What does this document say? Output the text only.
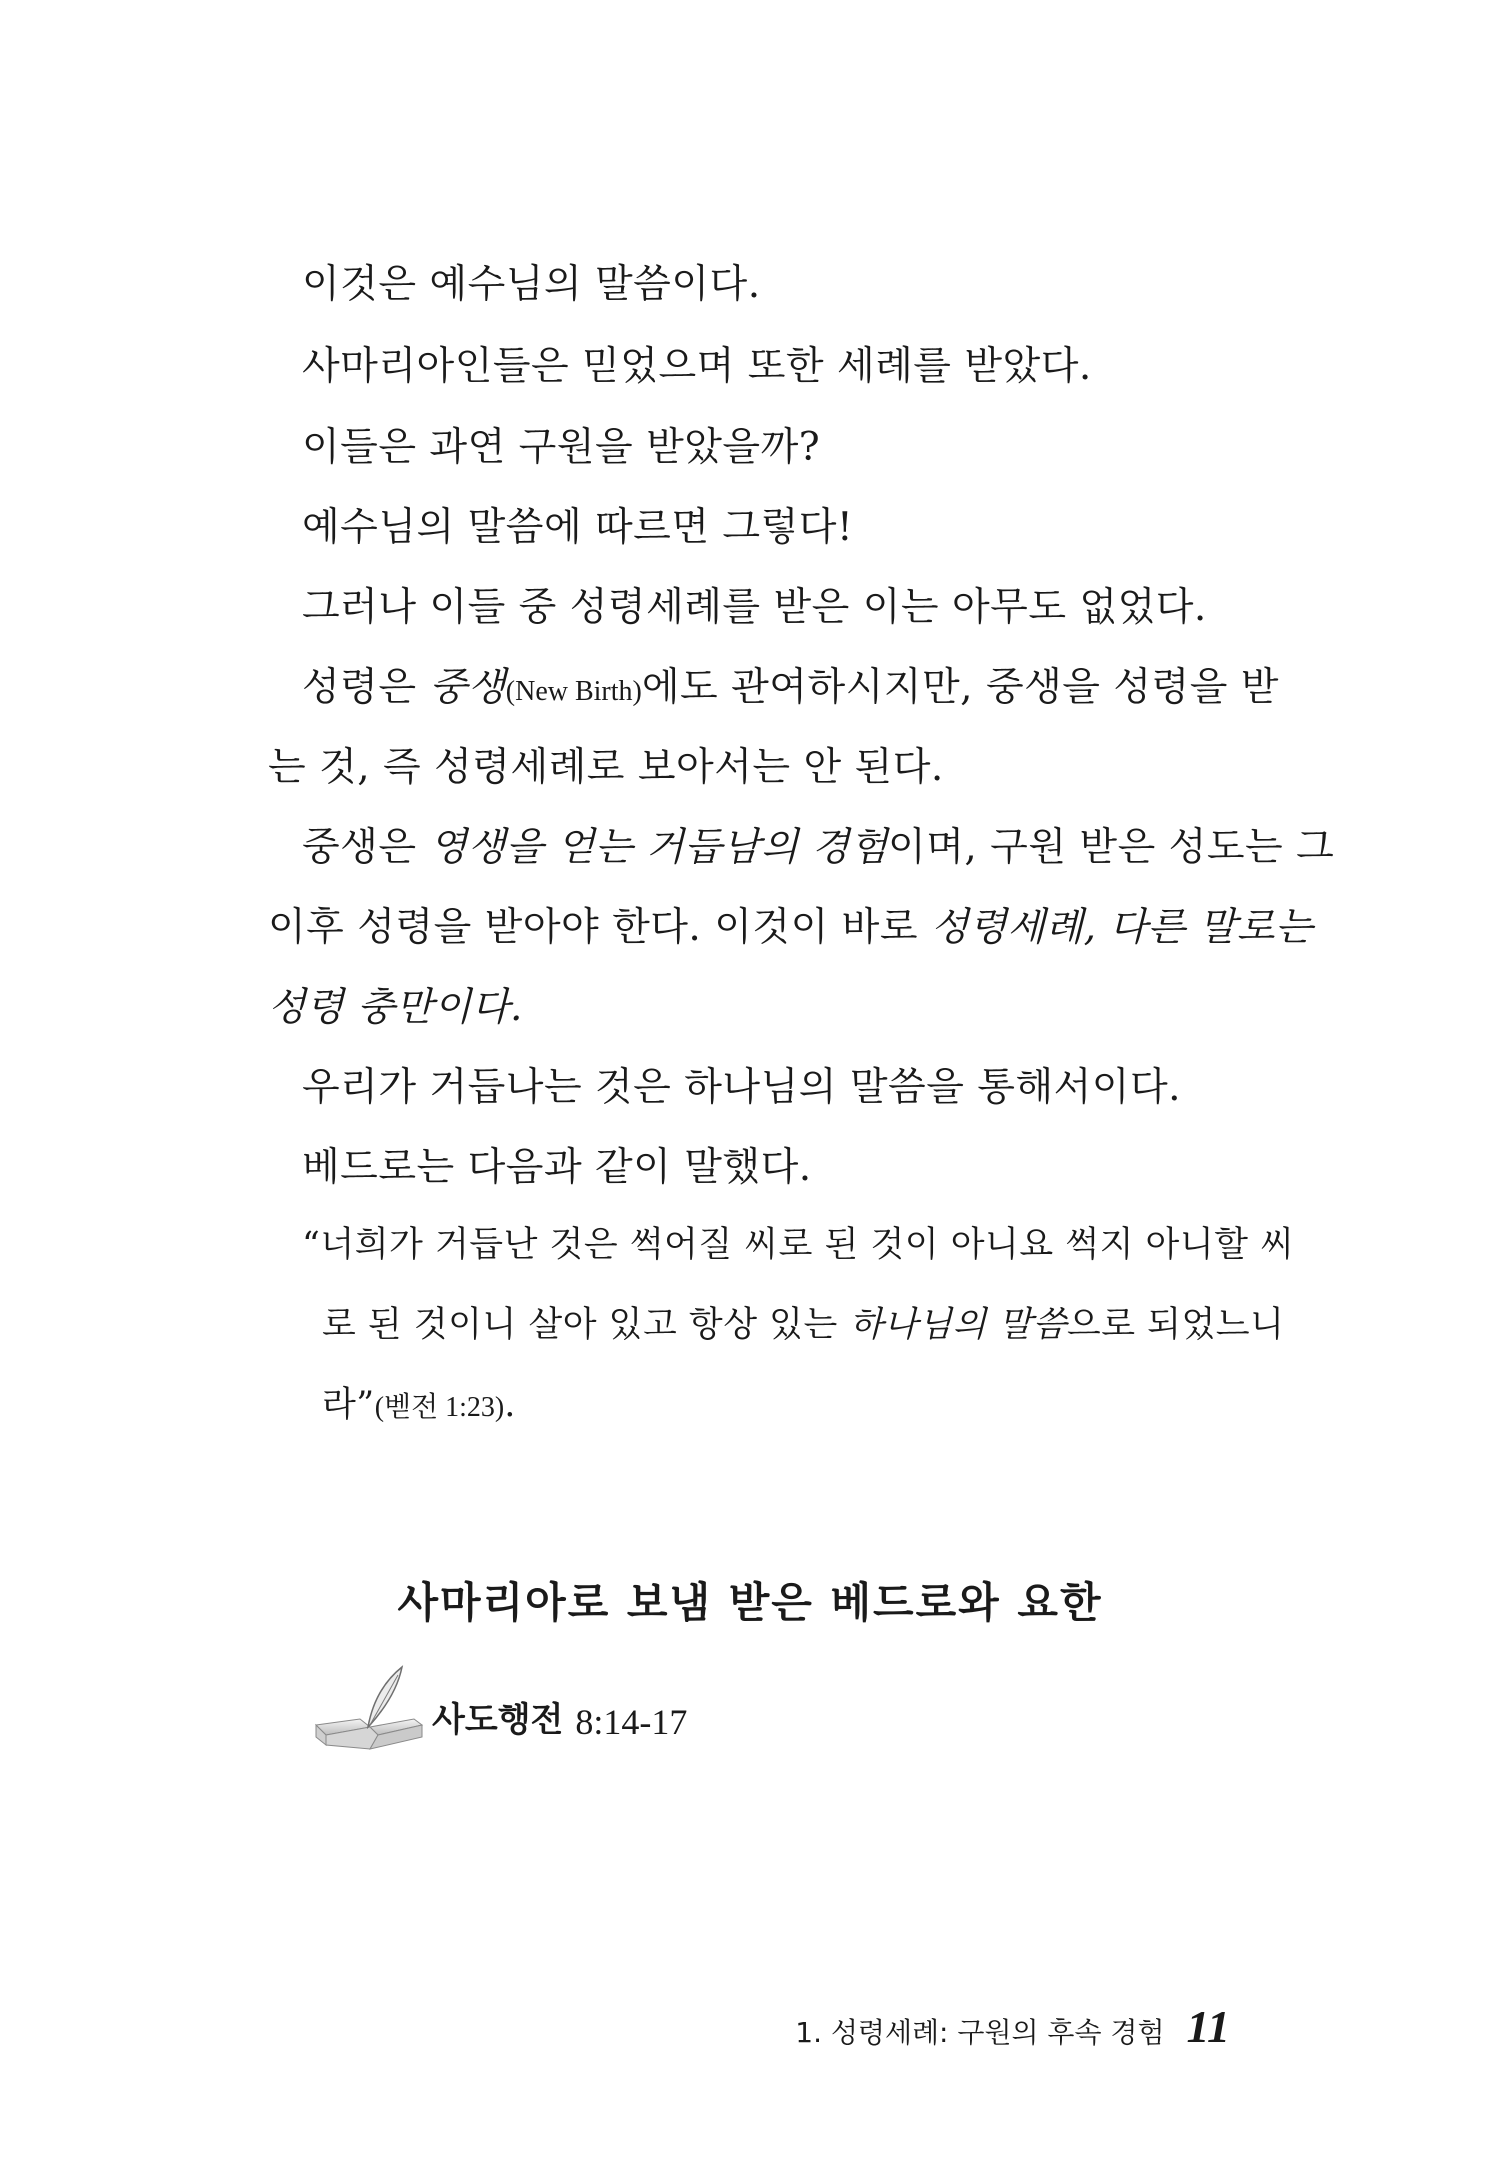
이것은 예수님의 말씀이다.
사마리아인들은 믿었으며 또한 세례를 받았다.
이들은 과연 구원을 받았을까?
예수님의 말씀에 따르면 그렇다!
그러나 이들 중 성령세례를 받은 이는 아무도 없었다.
성령은 중생(New Birth)에도 관여하시지만, 중생을 성령을 받
는 것, 즉 성령세례로 보아서는 안 된다.
중생은 영생을 얻는 거듭남의 경험이며, 구원 받은 성도는 그
이후 성령을 받아야 한다. 이것이 바로 성령세례, 다른 말로는
성령 충만이다.
우리가 거듭나는 것은 하나님의 말씀을 통해서이다.
베드로는 다음과 같이 말했다.
“너희가 거듭난 것은 썩어질 씨로 된 것이 아니요 썩지 아니할 씨
로 된 것이니 살아 있고 항상 있는 하나님의 말씀으로 되었느니
라”(벧전 1:23).
사마리아로 보냄 받은 베드로와 요한
사도행전 8:14-17
1. 성령세례: 구원의 후속 경험 11
